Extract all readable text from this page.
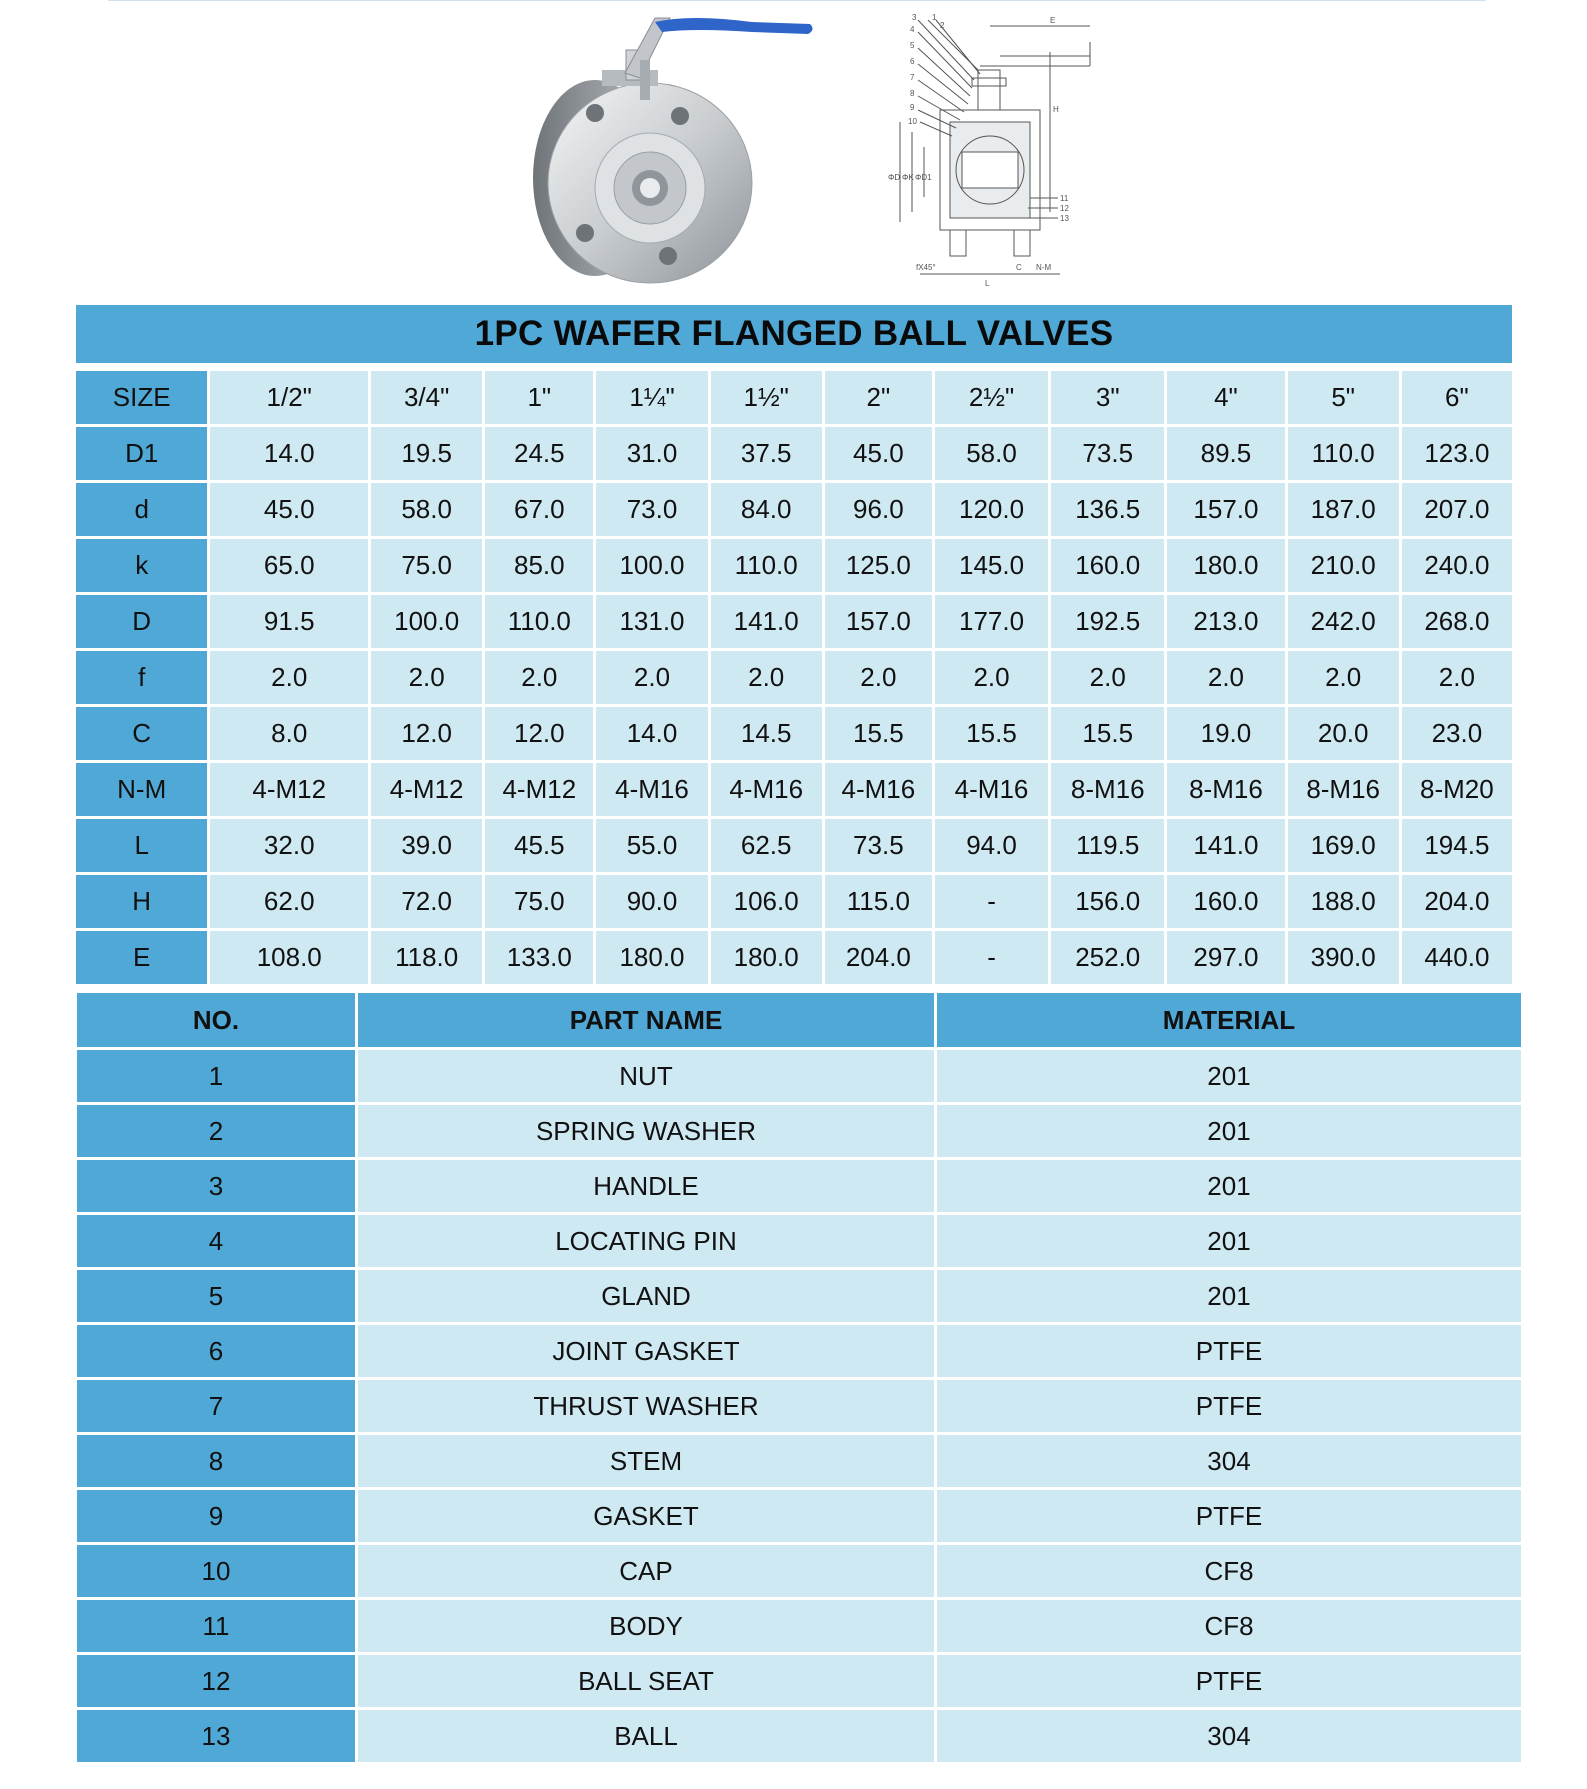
3 1
4	2
5
6
7
8
9
10
11
12
13
E
H
ΦD ΦK ΦD1
fX45°
L
C N-M
1PC WAFER FLANGED BALL VALVES
SIZE	1/2"	3/4"	1"	1¼"	1½"	2"	2½"	3"	4"	5"	6"
D1	14.0	19.5	24.5	31.0	37.5	45.0	58.0	73.5	89.5	110.0	123.0
d	45.0	58.0	67.0	73.0	84.0	96.0	120.0	136.5	157.0	187.0	207.0
k	65.0	75.0	85.0	100.0	110.0	125.0	145.0	160.0	180.0	210.0	240.0
D	91.5	100.0	110.0	131.0	141.0	157.0	177.0	192.5	213.0	242.0	268.0
f	2.0	2.0	2.0	2.0	2.0	2.0	2.0	2.0	2.0	2.0	2.0
C	8.0	12.0	12.0	14.0	14.5	15.5	15.5	15.5	19.0	20.0	23.0
N-M	4-M12	4-M12	4-M12	4-M16	4-M16	4-M16	4-M16	8-M16	8-M16	8-M16	8-M20
L	32.0	39.0	45.5	55.0	62.5	73.5	94.0	119.5	141.0	169.0	194.5
H	62.0	72.0	75.0	90.0	106.0	115.0	-	156.0	160.0	188.0	204.0
E	108.0	118.0	133.0	180.0	180.0	204.0	-	252.0	297.0	390.0	440.0
NO.	PART NAME	MATERIAL
1	NUT	201
2	SPRING WASHER	201
3	HANDLE	201
4	LOCATING PIN	201
5	GLAND	201
6	JOINT GASKET	PTFE
7	THRUST WASHER	PTFE
8	STEM	304
9	GASKET	PTFE
10	CAP	CF8
11	BODY	CF8
12	BALL SEAT	PTFE
13	BALL	304
